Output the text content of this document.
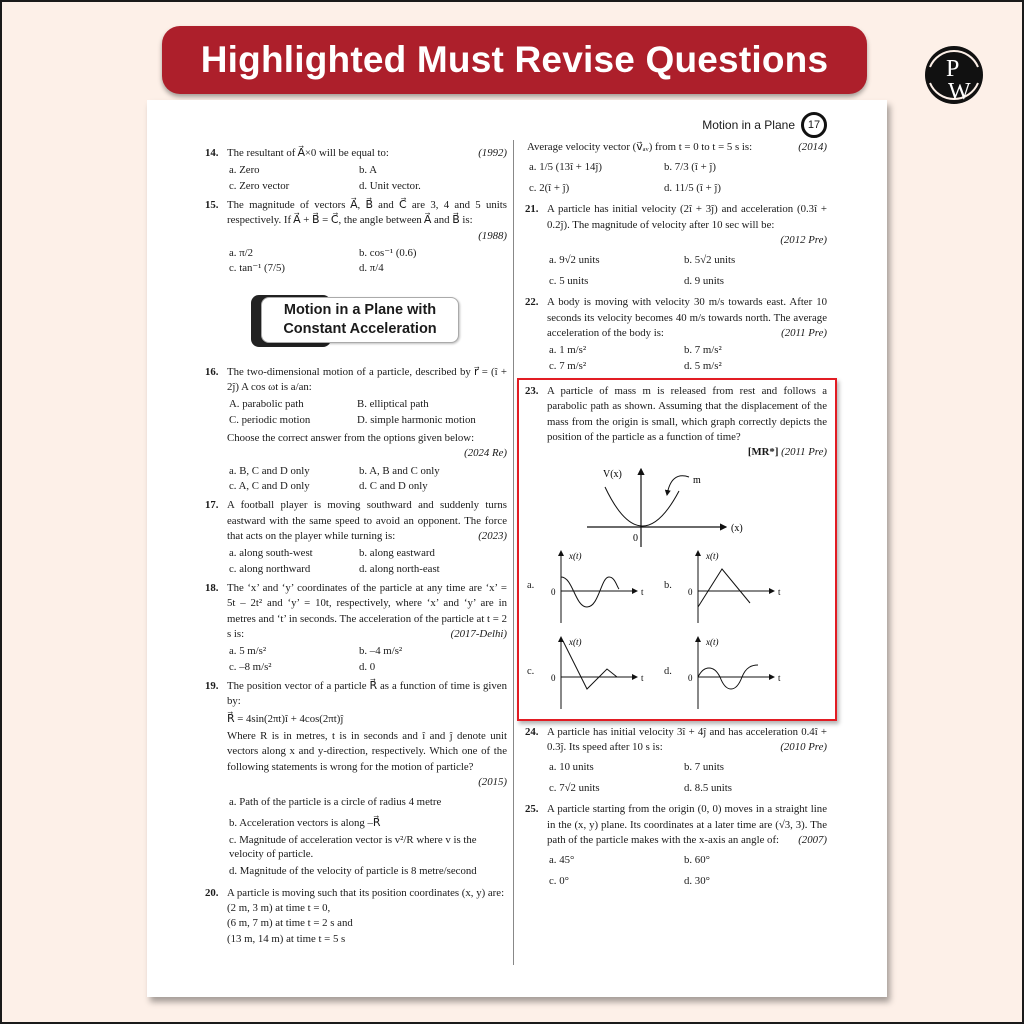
Highlighted Must Revise Questions	P
W
Motion in a Plane	17
14.	(1992)
The resultant of A⃗×0 will be equal to:
a. Zero	b. A
c. Zero vector	d. Unit vector.
15. The magnitude of vectors A⃗, B⃗ and C⃗ are 3, 4 and 5 units respectively. If A⃗ + B⃗ = C⃗, the angle between A⃗ and B⃗ is:
(1988)
a. π/2	b. cos⁻¹ (0.6)
c. tan⁻¹ (7/5)	d. π/4
Motion in a Plane with
Constant Acceleration
16. The two-dimensional motion of a particle, described by r⃗ = (î + 2ĵ) A cos ωt is a/an:
A. parabolic path	B. elliptical path
C. periodic motion	D. simple harmonic motion
Choose the correct answer from the options given below:
(2024 Re)
a. B, C and D only	b. A, B and C only
c. A, C and D only	d. C and D only
17. A football player is moving southward and suddenly turns eastward with the same speed to avoid an opponent. The force that acts on the player while turning is:	(2023)
a. along south-west	b. along eastward
c. along northward	d. along north-east
18. The ‘x’ and ‘y’ coordinates of the particle at any time are ‘x’ = 5t – 2t² and ‘y’ = 10t, respectively, where ‘x’ and ‘y’ are in metres and ‘t’ in seconds. The acceleration of the particle at t = 2 s is:	(2017-Delhi)
a. 5 m/s²	b. –4 m/s²
c. –8 m/s²	d. 0
19. The position vector of a particle R⃗ as a function of time is given by:
R⃗ = 4sin(2πt)î + 4cos(2πt)ĵ
Where R is in metres, t is in seconds and î and ĵ denote unit vectors along x and y-direction, respectively. Which one of the following statements is wrong for the motion of particle?
(2015)
a. Path of the particle is a circle of radius 4 metre
b. Acceleration vectors is along –R⃗
c. Magnitude of acceleration vector is v²/R where v is the velocity of particle.
d. Magnitude of the velocity of particle is 8 metre/second
20. A particle is moving such that its position coordinates (x, y) are:
(2 m, 3 m) at time t = 0,
(6 m, 7 m) at time t = 2 s and
(13 m, 14 m) at time t = 5 s
Average velocity vector (v⃗ₐᵥ) from t = 0 to t = 5 s is:	(2014)
a. 1/5 (13î + 14ĵ)	b. 7/3 (î + ĵ)
c. 2(î + ĵ)	d. 11/5 (î + ĵ)
21. A particle has initial velocity (2î + 3ĵ) and acceleration (0.3î + 0.2ĵ). The magnitude of velocity after 10 sec will be:
(2012 Pre)
a. 9√2 units	b. 5√2 units
c. 5 units	d. 9 units
22. A body is moving with velocity 30 m/s towards east. After 10 seconds its velocity becomes 40 m/s towards north. The average acceleration of the body is:	(2011 Pre)
a. 1 m/s²	b. 7 m/s²
c. 7 m/s²	d. 5 m/s²
23. A particle of mass m is released from rest and follows a parabolic path as shown. Assuming that the displacement of the mass from the origin is small, which graph correctly depicts the position of the particle as a function of time?
[MR*] (2011 Pre)
V(x)
(x)
0
m
a.
x(t)
t
0
b.
x(t)
t
0
c.
x(t)
t
0
d.
x(t)
t
0
24. A particle has initial velocity 3î + 4ĵ and has acceleration 0.4î + 0.3ĵ. Its speed after 10 s is:	(2010 Pre)
a. 10 units	b. 7 units
c. 7√2 units	d. 8.5 units
25. A particle starting from the origin (0, 0) moves in a straight line in the (x, y) plane. Its coordinates at a later time are (√3, 3). The path of the particle makes with the x-axis an angle of: (2007)
a. 45°	b. 60°
c. 0°	d. 30°
